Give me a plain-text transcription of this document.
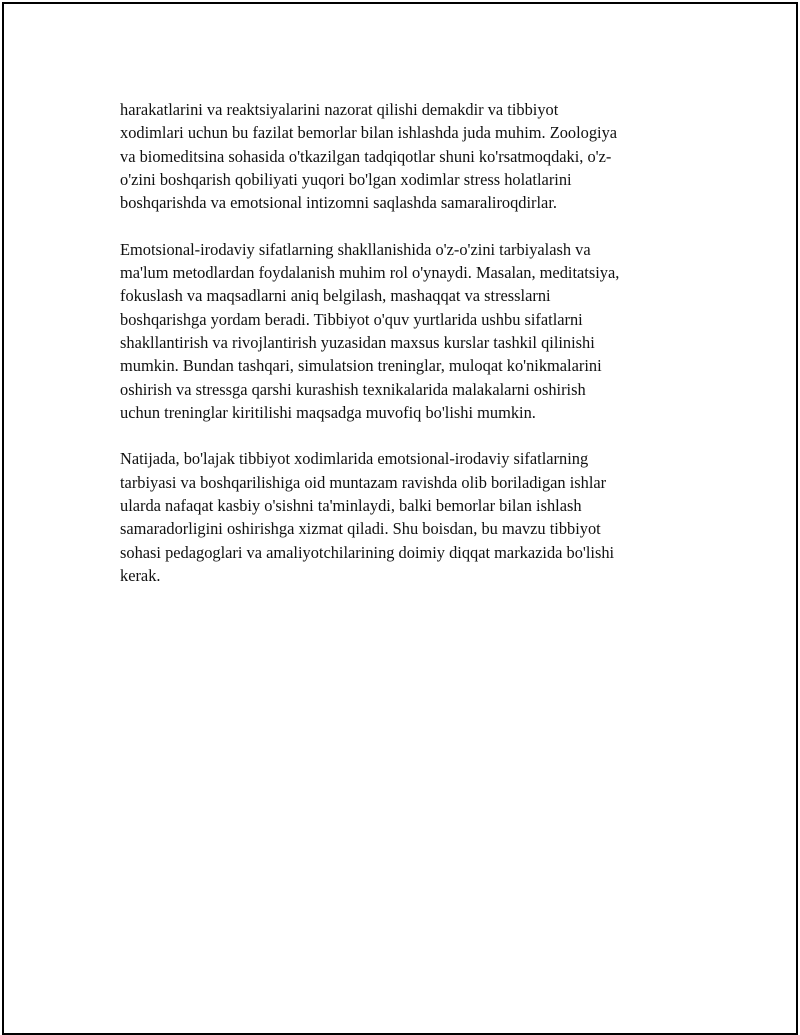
harakatlarini va reaktsiyalarini nazorat qilishi demakdir va tibbiyot
xodimlari uchun bu fazilat bemorlar bilan ishlashda juda muhim. Zoologiya
va biomeditsina sohasida o'tkazilgan tadqiqotlar shuni ko'rsatmoqdaki, o'z-
o'zini boshqarish qobiliyati yuqori bo'lgan xodimlar stress holatlarini
boshqarishda va emotsional intizomni saqlashda samaraliroqdirlar.

Emotsional-irodaviy sifatlarning shakllanishida o'z-o'zini tarbiyalash va
ma'lum metodlardan foydalanish muhim rol o'ynaydi. Masalan, meditatsiya,
fokuslash va maqsadlarni aniq belgilash, mashaqqat va stresslarni
boshqarishga yordam beradi. Tibbiyot o'quv yurtlarida ushbu sifatlarni
shakllantirish va rivojlantirish yuzasidan maxsus kurslar tashkil qilinishi
mumkin. Bundan tashqari, simulatsion treninglar, muloqat ko'nikmalarini
oshirish va stressga qarshi kurashish texnikalarida malakalarni oshirish
uchun treninglar kiritilishi maqsadga muvofiq bo'lishi mumkin.

Natijada, bo'lajak tibbiyot xodimlarida emotsional-irodaviy sifatlarning
tarbiyasi va boshqarilishiga oid muntazam ravishda olib boriladigan ishlar
ularda nafaqat kasbiy o'sishni ta'minlaydi, balki bemorlar bilan ishlash
samaradorligini oshirishga xizmat qiladi. Shu boisdan, bu mavzu tibbiyot
sohasi pedagoglari va amaliyotchilarining doimiy diqqat markazida bo'lishi
kerak.
